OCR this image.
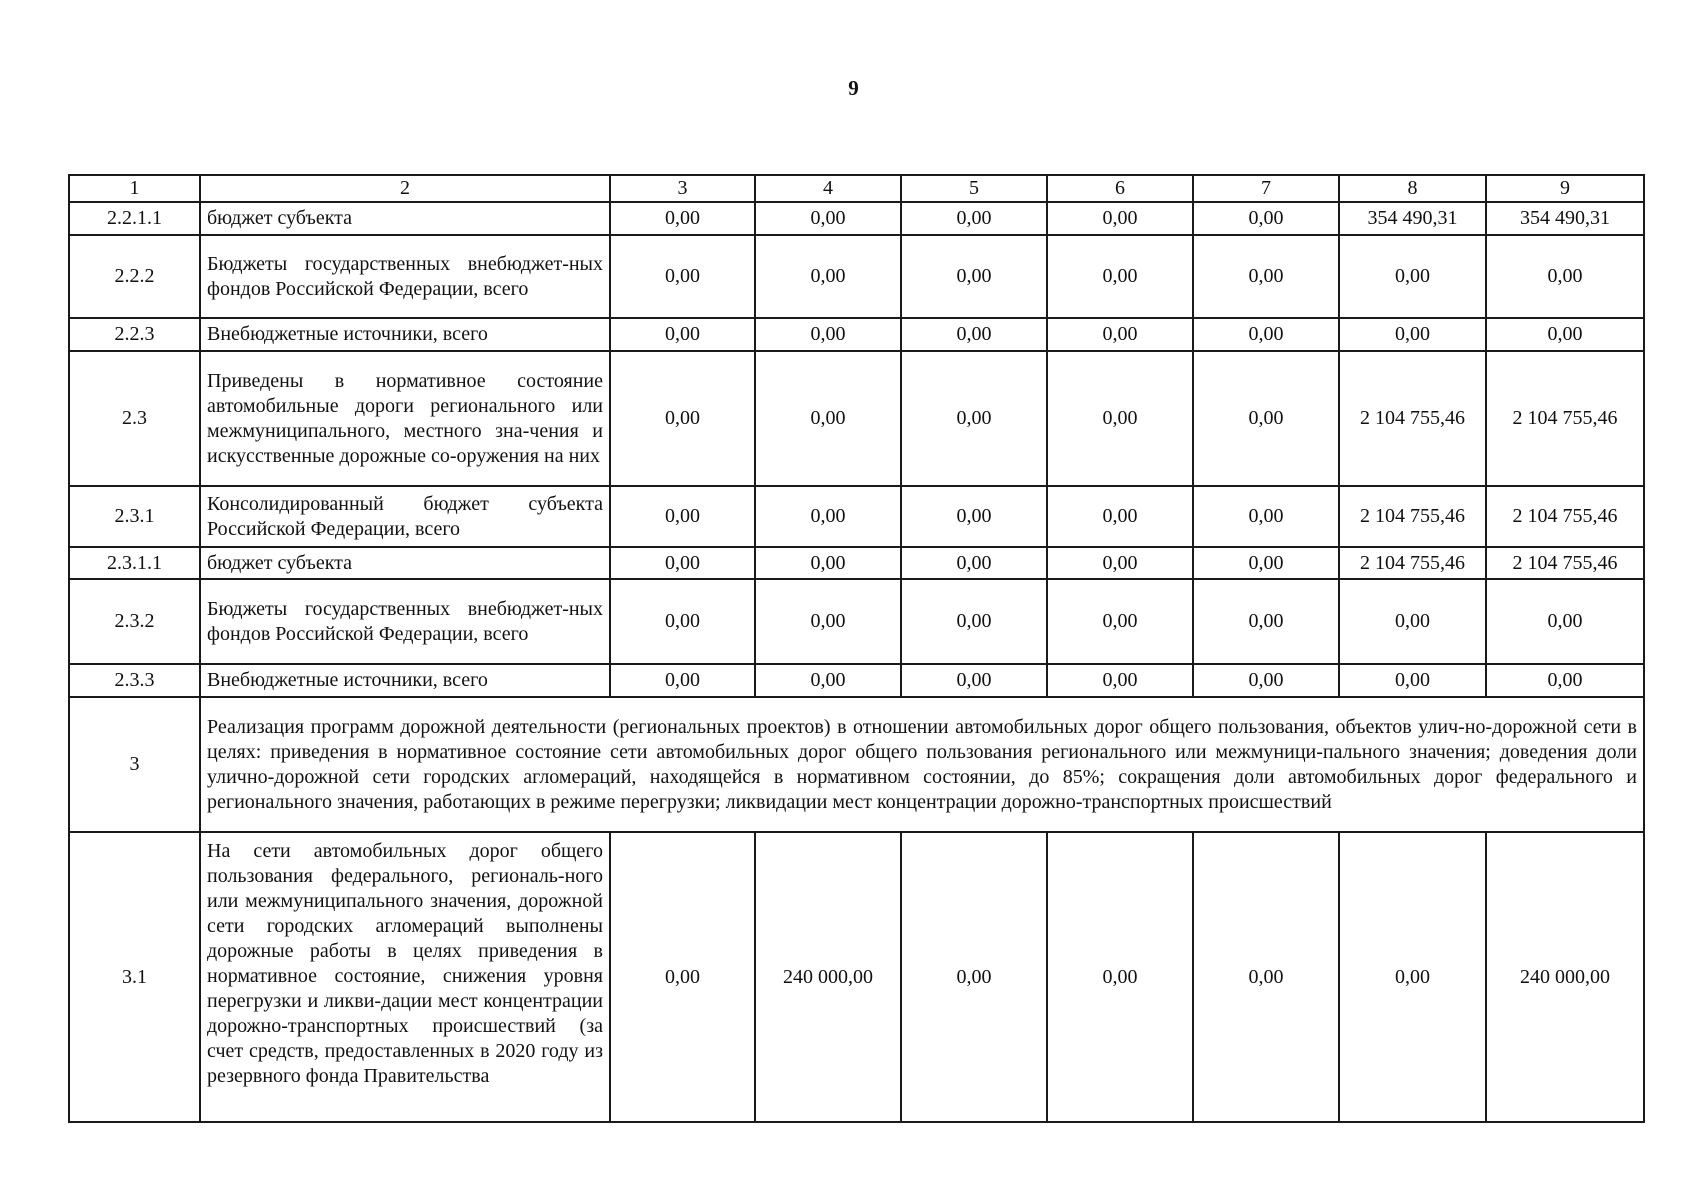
9
1	2	3	4	5	6	7	8	9
2.2.1.1	бюджет субъекта	0,00	0,00	0,00	0,00	0,00	354 490,31	354 490,31
2.2.2	Бюджеты государственных внебюджет-ных фондов Российской Федерации, всего	0,00	0,00	0,00	0,00	0,00	0,00	0,00
2.2.3	Внебюджетные источники, всего	0,00	0,00	0,00	0,00	0,00	0,00	0,00
2.3	Приведены в нормативное состояние автомобильные дороги регионального или межмуниципального, местного зна-чения и искусственные дорожные со-оружения на них	0,00	0,00	0,00	0,00	0,00	2 104 755,46	2 104 755,46
2.3.1	Консолидированный бюджет субъекта Российской Федерации, всего	0,00	0,00	0,00	0,00	0,00	2 104 755,46	2 104 755,46
2.3.1.1	бюджет субъекта	0,00	0,00	0,00	0,00	0,00	2 104 755,46	2 104 755,46
2.3.2	Бюджеты государственных внебюджет-ных фондов Российской Федерации, всего	0,00	0,00	0,00	0,00	0,00	0,00	0,00
2.3.3	Внебюджетные источники, всего	0,00	0,00	0,00	0,00	0,00	0,00	0,00
3	Реализация программ дорожной деятельности (региональных проектов) в отношении автомобильных дорог общего пользования, объектов улич-но-дорожной сети в целях: приведения в нормативное состояние сети автомобильных дорог общего пользования регионального или межмуници-пального значения; доведения доли улично-дорожной сети городских агломераций, находящейся в нормативном состоянии, до 85%; сокращения доли автомобильных дорог федерального и регионального значения, работающих в режиме перегрузки; ликвидации мест концентрации дорожно-транспортных происшествий							
3.1	На сети автомобильных дорог общего пользования федерального, региональ-ного или межмуниципального значения, дорожной сети городских агломераций выполнены дорожные работы в целях приведения в нормативное состояние, снижения уровня перегрузки и ликви-дации мест концентрации дорожно-транспортных происшествий (за счет средств, предоставленных в 2020 году из резервного фонда Правительства	0,00	240 000,00	0,00	0,00	0,00	0,00	240 000,00
